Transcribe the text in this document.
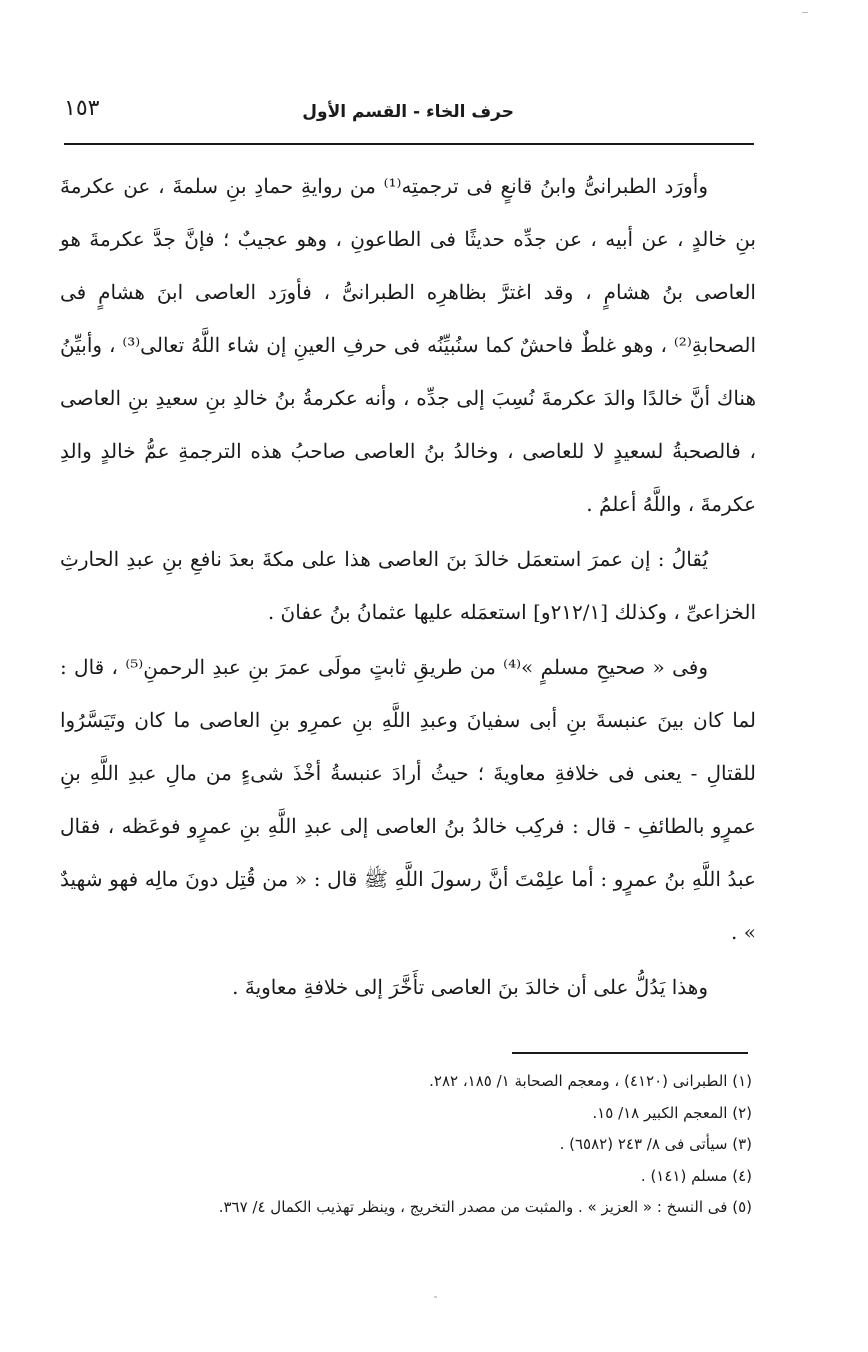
حرف الخاء - القسم الأول
١٥٣

وأورَد الطبرانىُّ وابنُ قانعٍ فى ترجمتِه⁽¹⁾ من روايةِ حمادِ بنِ سلمةَ ، عن عكرمةَ بنِ خالدٍ ، عن أبيه ، عن جدِّه حديثًا فى الطاعونِ ، وهو عجيبٌ ؛ فإنَّ جدَّ عكرمةَ هو العاصى بنُ هشامٍ ، وقد اغترَّ بظاهرِه الطبرانىُّ ، فأورَد العاصى ابنَ هشامٍ فى الصحابةِ⁽²⁾ ، وهو غلطٌ فاحشٌ كما سنُبيِّنُه فى حرفِ العينِ إن شاء اللَّهُ تعالى⁽³⁾ ، وأبيِّنُ هناك أنَّ خالدًا والدَ عكرمةَ نُسِبَ إلى جدِّه ، وأنه عكرمةُ بنُ خالدِ بنِ سعيدِ بنِ العاصى ، فالصحبةُ لسعيدٍ لا للعاصى ، وخالدُ بنُ العاصى صاحبُ هذه الترجمةِ عمُّ خالدٍ والدِ عكرمةَ ، واللَّهُ أعلمُ .

يُقالُ : إن عمرَ استعمَل خالدَ بنَ العاصى هذا على مكةَ بعدَ نافعِ بنِ عبدِ الحارثِ الخزاعىِّ ، وكذلك [٢١٢/١و] استعمَله عليها عثمانُ بنُ عفانَ .

وفى « صحيحِ مسلمٍ »⁽⁴⁾ من طريقِ ثابتٍ مولَى عمرَ بنِ عبدِ الرحمنِ⁽⁵⁾ ، قال : لما كان بينَ عنبسةَ بنِ أبى سفيانَ وعبدِ اللَّهِ بنِ عمرِو بنِ العاصى ما كان وتَيَسَّرُوا للقتالِ - يعنى فى خلافةِ معاويةَ ؛ حيثُ أرادَ عنبسةُ أخْذَ شىءٍ من مالِ عبدِ اللَّهِ بنِ عمرٍو بالطائفِ - قال : فركِب خالدُ بنُ العاصى إلى عبدِ اللَّهِ بنِ عمرٍو فوعَظه ، فقال عبدُ اللَّهِ بنُ عمرٍو : أما علِمْتَ أنَّ رسولَ اللَّهِ ﷺ قال : « من قُتِل دونَ مالِه فهو شهيدٌ » .

وهذا يَدُلُّ على أن خالدَ بنَ العاصى تأَخَّرَ إلى خلافةِ معاويةَ .

(١) الطبرانى (٤١٢٠) ، ومعجم الصحابة ١/ ١٨٥، ٢٨٢.
(٢) المعجم الكبير ١٨/ ١٥.
(٣) سيأتى فى ٨/ ٢٤٣ (٦٥٨٢) .
(٤) مسلم (١٤١) .
(٥) فى النسخ : « العزيز » . والمثبت من مصدر التخريج ، وينظر تهذيب الكمال ٤/ ٣٦٧.
